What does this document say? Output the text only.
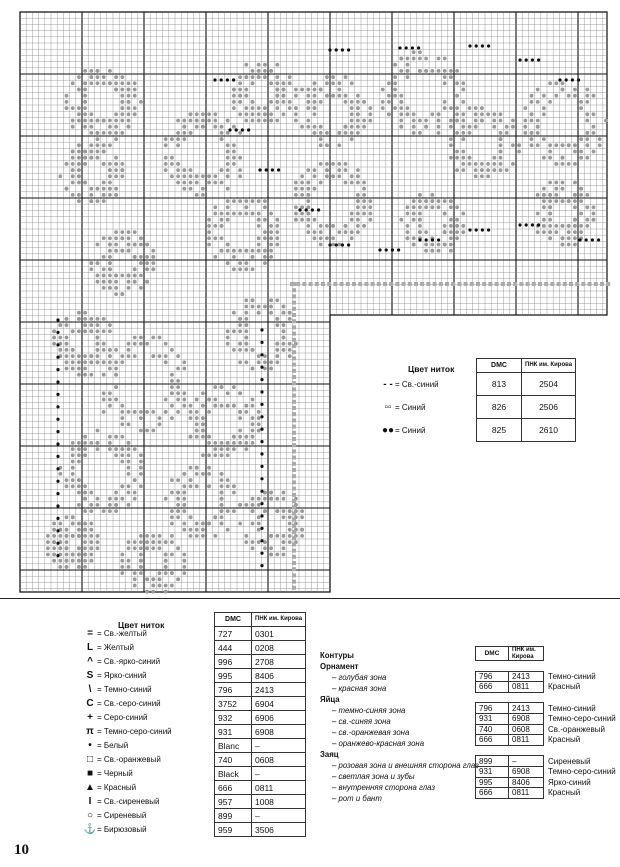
Цвет ниток
		DMC	ПНК им. Кирова

- - = Св.-синий	813	2504
▫▫ = Синий	826	2506
●●= Синий	825	2610
Цвет ниток
	DMC	ПНК им. Кирова

= = Св.-желтый	727	0301
L = Желтый	444	0208
^ = Св.-ярко-синий	996	2708
S = Ярко-синий	995	8406
\ = Темно-синий	796	2413
C = Св.-серо-синий	3752	6904
+ = Серо-синий	932	6906
π = Темно-серо-синий	931	6908
• = Белый	Blanc	–
□ = Св.-оранжевый	740	0608
■ = Черный	Black	–
▲ = Красный	666	0811
I = Св.-сиреневый	957	1008
○ = Сиреневый	899	–
⚓= Бирюзовый	959	3506
Контуры
Орнамент
– голубая зона
– красная зона
Яйца
– темно-синяя зона
– св.-синяя зона
– св.-оранжевая зона
– оранжево-красная зона
Заяц
– розовая зона и внешняя сторона глаз
– светлая зона и зубы
– внутренняя сторона глаз
– рот и бант
DMC	ПНК им. Кирова	

796	2413	Темно-синий
666	0811	Красный

796	2413	Темно-синий
931	6908	Темно-серо-синий
740	0608	Св.-оранжевый
666	0811	Красный

899	–	Сиреневый
931	6908	Темно-серо-синий
995	8406	Ярко-синий
666	0811	Красный
10
